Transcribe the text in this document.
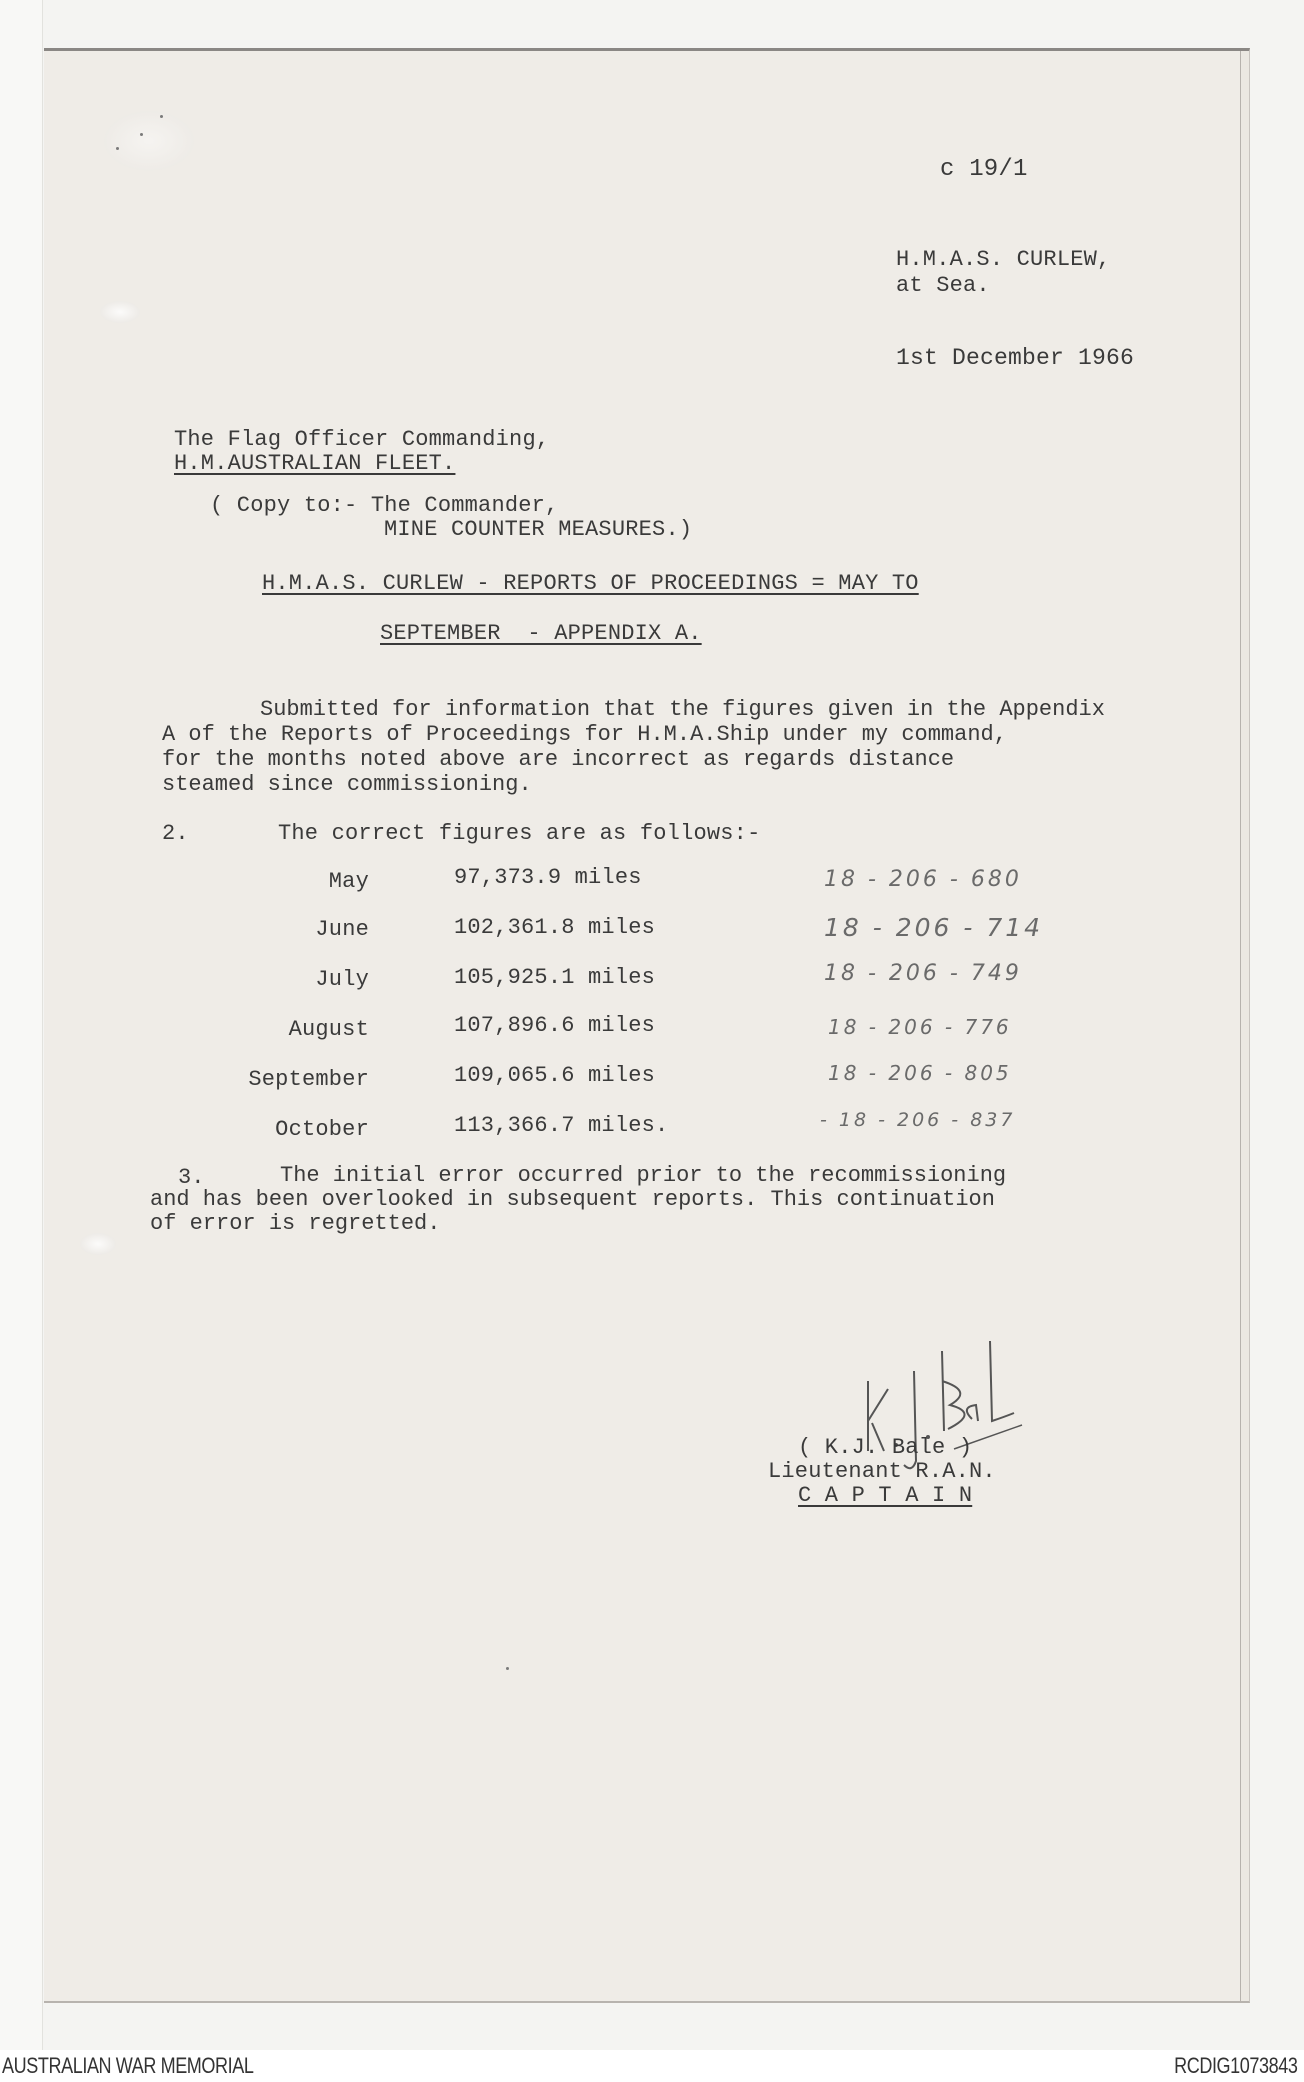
c 19/1
H.M.A.S. CURLEW,
at Sea.
1st December 1966
The Flag Officer Commanding,
H.M.AUSTRALIAN FLEET.
( Copy to:- The Commander,
MINE COUNTER MEASURES.)
H.M.A.S. CURLEW - REPORTS OF PROCEEDINGS = MAY TO
SEPTEMBER  - APPENDIX A.
Submitted for information that the figures given in the Appendix
A of the Reports of Proceedings for H.M.A.Ship under my command,
for the months noted above are incorrect as regards distance
steamed since commissioning.
2.	The correct figures are as follows:-
May	97,373.9 miles	18 - 206 - 680
June	102,361.8 miles	18 - 206 - 714
July	105,925.1 miles	18 - 206 - 749
August	107,896.6 miles	18 - 206 - 776
September	109,065.6 miles	18 - 206 - 805
October	113,366.7 miles.	- 18 - 206 - 837
3.	The initial error occurred prior to the recommissioning
and has been overlooked in subsequent reports. This continuation
of error is regretted.
( K.J. Bale )
Lieutenant R.A.N.
C A P T A I N
AUSTRALIAN WAR MEMORIAL	RCDIG1073843
